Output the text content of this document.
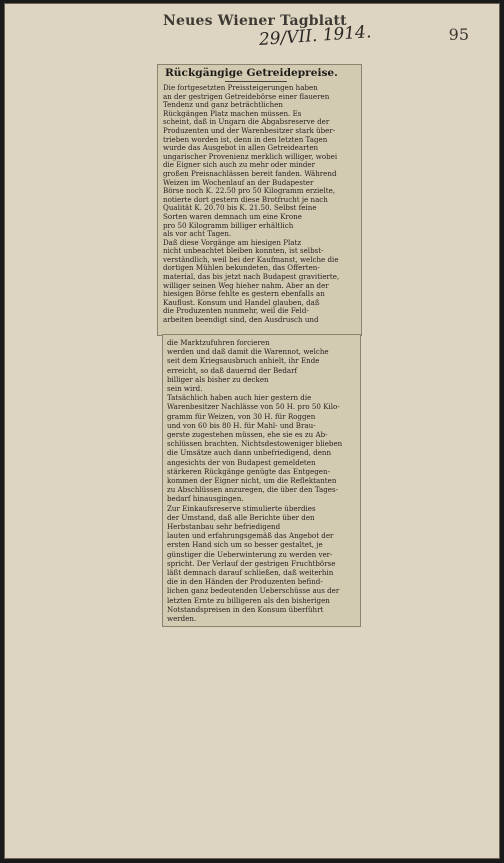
Neues Wiener Tagblatt
95
29/VII. 1914.
Rückgängige Getreidepreise.
Die fortgesetzten Preissteigerungen haben
an der gestrigen Getreidebörse einer flaueren
Tendenz und ganz beträchtlichen
Rückgängen Platz machen müssen. Es
scheint, daß in Ungarn die Abgabsreserve der
Produzenten und der Warenbesitzer stark über-
trieben worden ist, denn in den letzten Tagen
wurde das Ausgebot in allen Getreidearten
ungarischer Provenienz merklich williger, wobei
die Eigner sich auch zu mehr oder minder
großen Preisnachlässen bereit fanden. Während
Weizen im Wochenlauf an der Budapester
Börse noch K. 22.50 pro 50 Kilogramm erzielte,
notierte dort gestern diese Brotfrucht je nach
Qualität K. 20.70 bis K. 21.50. Selbst feine
Sorten waren demnach um eine Krone
pro 50 Kilogramm billiger erhältlich
als vor acht Tagen.
Daß diese Vorgänge am hiesigen Platz
nicht unbeachtet bleiben konnten, ist selbst-
verständlich, weil bei der Kaufmanst, welche die
dortigen Mühlen bekundeten, das Offerten-
material, das bis jetzt nach Budapest gravitierte,
williger seinen Weg hieher nahm. Aber an der
hiesigen Börse fehlte es gestern ebenfalls an
Kauflust. Konsum und Handel glauben, daß
die Produzenten nunmehr, weil die Feld-
arbeiten beendigt sind, den Ausdrusch und
die Marktzufuhren forcieren
werden und daß damit die Warennot, welche
seit dem Kriegsausbruch anhielt, ihr Ende
erreicht, so daß dauernd der Bedarf
billiger als bisher zu decken
sein wird.
Tatsächlich haben auch hier gestern die
Warenbesitzer Nachlässe von 50 H. pro 50 Kilo-
gramm für Weizen, von 30 H. für Roggen
und von 60 bis 80 H. für Mahl- und Brau-
gerste zugestehen müssen, ehe sie es zu Ab-
schlüssen brachten. Nichtsdestoweniger blieben
die Umsätze auch dann unbefriedigend, denn
angesichts der von Budapest gemeldeten
stärkeren Rückgänge genügte das Entgegen-
kommen der Eigner nicht, um die Reflektanten
zu Abschlüssen anzuregen, die über den Tages-
bedarf hinausgingen.
Zur Einkaufsreserve stimulierte überdies
der Umstand, daß alle Berichte über den
Herbstanbau sehr befriedigend
lauten und erfahrungsgemäß das Angebot der
ersten Hand sich um so besser gestaltet, je
günstiger die Ueberwinterung zu werden ver-
spricht. Der Verlauf der gestrigen Fruchtbörse
läßt demnach darauf schließen, daß weiterhin
die in den Händen der Produzenten befind-
lichen ganz bedeutenden Ueberschüsse aus der
letzten Ernte zu billigeren als den bisherigen
Notstandspreisen in den Konsum überführt
werden.
